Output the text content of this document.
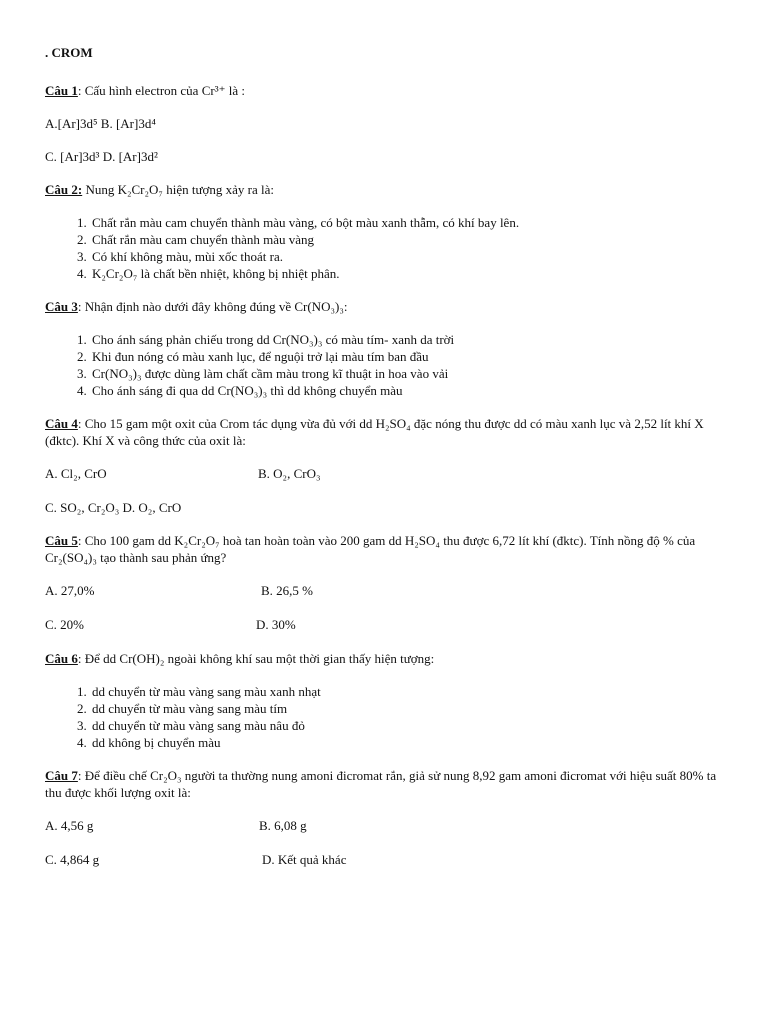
. CROM
Câu 1: Cấu hình electron của Cr³⁺ là :
A.[Ar]3d⁵ B. [Ar]3d⁴
C. [Ar]3d³ D. [Ar]3d²
Câu 2: Nung K₂Cr₂O₇ hiện tượng xảy ra là:
1. Chất rắn màu cam chuyển thành màu vàng, có bột màu xanh thẫm, có khí bay lên.
2. Chất rắn màu cam chuyển thành màu vàng
3. Có khí không màu, mùi xốc thoát ra.
4. K₂Cr₂O₇ là chất bền nhiệt, không bị nhiệt phân.
Câu 3: Nhận định nào dưới đây không đúng về Cr(NO₃)₃:
1. Cho ánh sáng phản chiếu trong dd Cr(NO₃)₃ có màu tím- xanh da trời
2. Khi đun nóng có màu xanh lục, để nguội trở lại màu tím ban đầu
3. Cr(NO₃)₃ được dùng làm chất cầm màu trong kĩ thuật in hoa vào vải
4. Cho ánh sáng đi qua dd Cr(NO₃)₃ thì dd không chuyển màu
Câu 4: Cho 15 gam một oxit của Crom tác dụng vừa đủ với dd H₂SO₄ đặc nóng thu được dd có màu xanh lục và 2,52 lít khí X (đktc). Khí X và công thức của oxit là:
A. Cl₂, CrO	B. O₂, CrO₃
C. SO₂, Cr₂O₃ D. O₂, CrO
Câu 5: Cho 100 gam dd K₂Cr₂O₇ hoà tan hoàn toàn vào 200 gam dd H₂SO₄ thu được 6,72 lít khí (đktc). Tính nồng độ % của Cr₂(SO₄)₃ tạo thành sau phản ứng?
A. 27,0%	B. 26,5 %
C. 20%	D. 30%
Câu 6: Để dd Cr(OH)₂ ngoài không khí sau một thời gian thấy hiện tượng:
1. dd chuyển từ màu vàng sang màu xanh nhạt
2. dd chuyển từ màu vàng sang màu tím
3. dd chuyển từ màu vàng sang màu nâu đỏ
4. dd không bị chuyển màu
Câu 7: Để điều chế Cr₂O₃ người ta thường nung amoni đicromat rắn, giả sử nung 8,92 gam amoni đicromat với hiệu suất 80% ta thu được khối lượng oxit là:
A. 4,56 g	B. 6,08 g
C. 4,864 g	D. Kết quả khác
